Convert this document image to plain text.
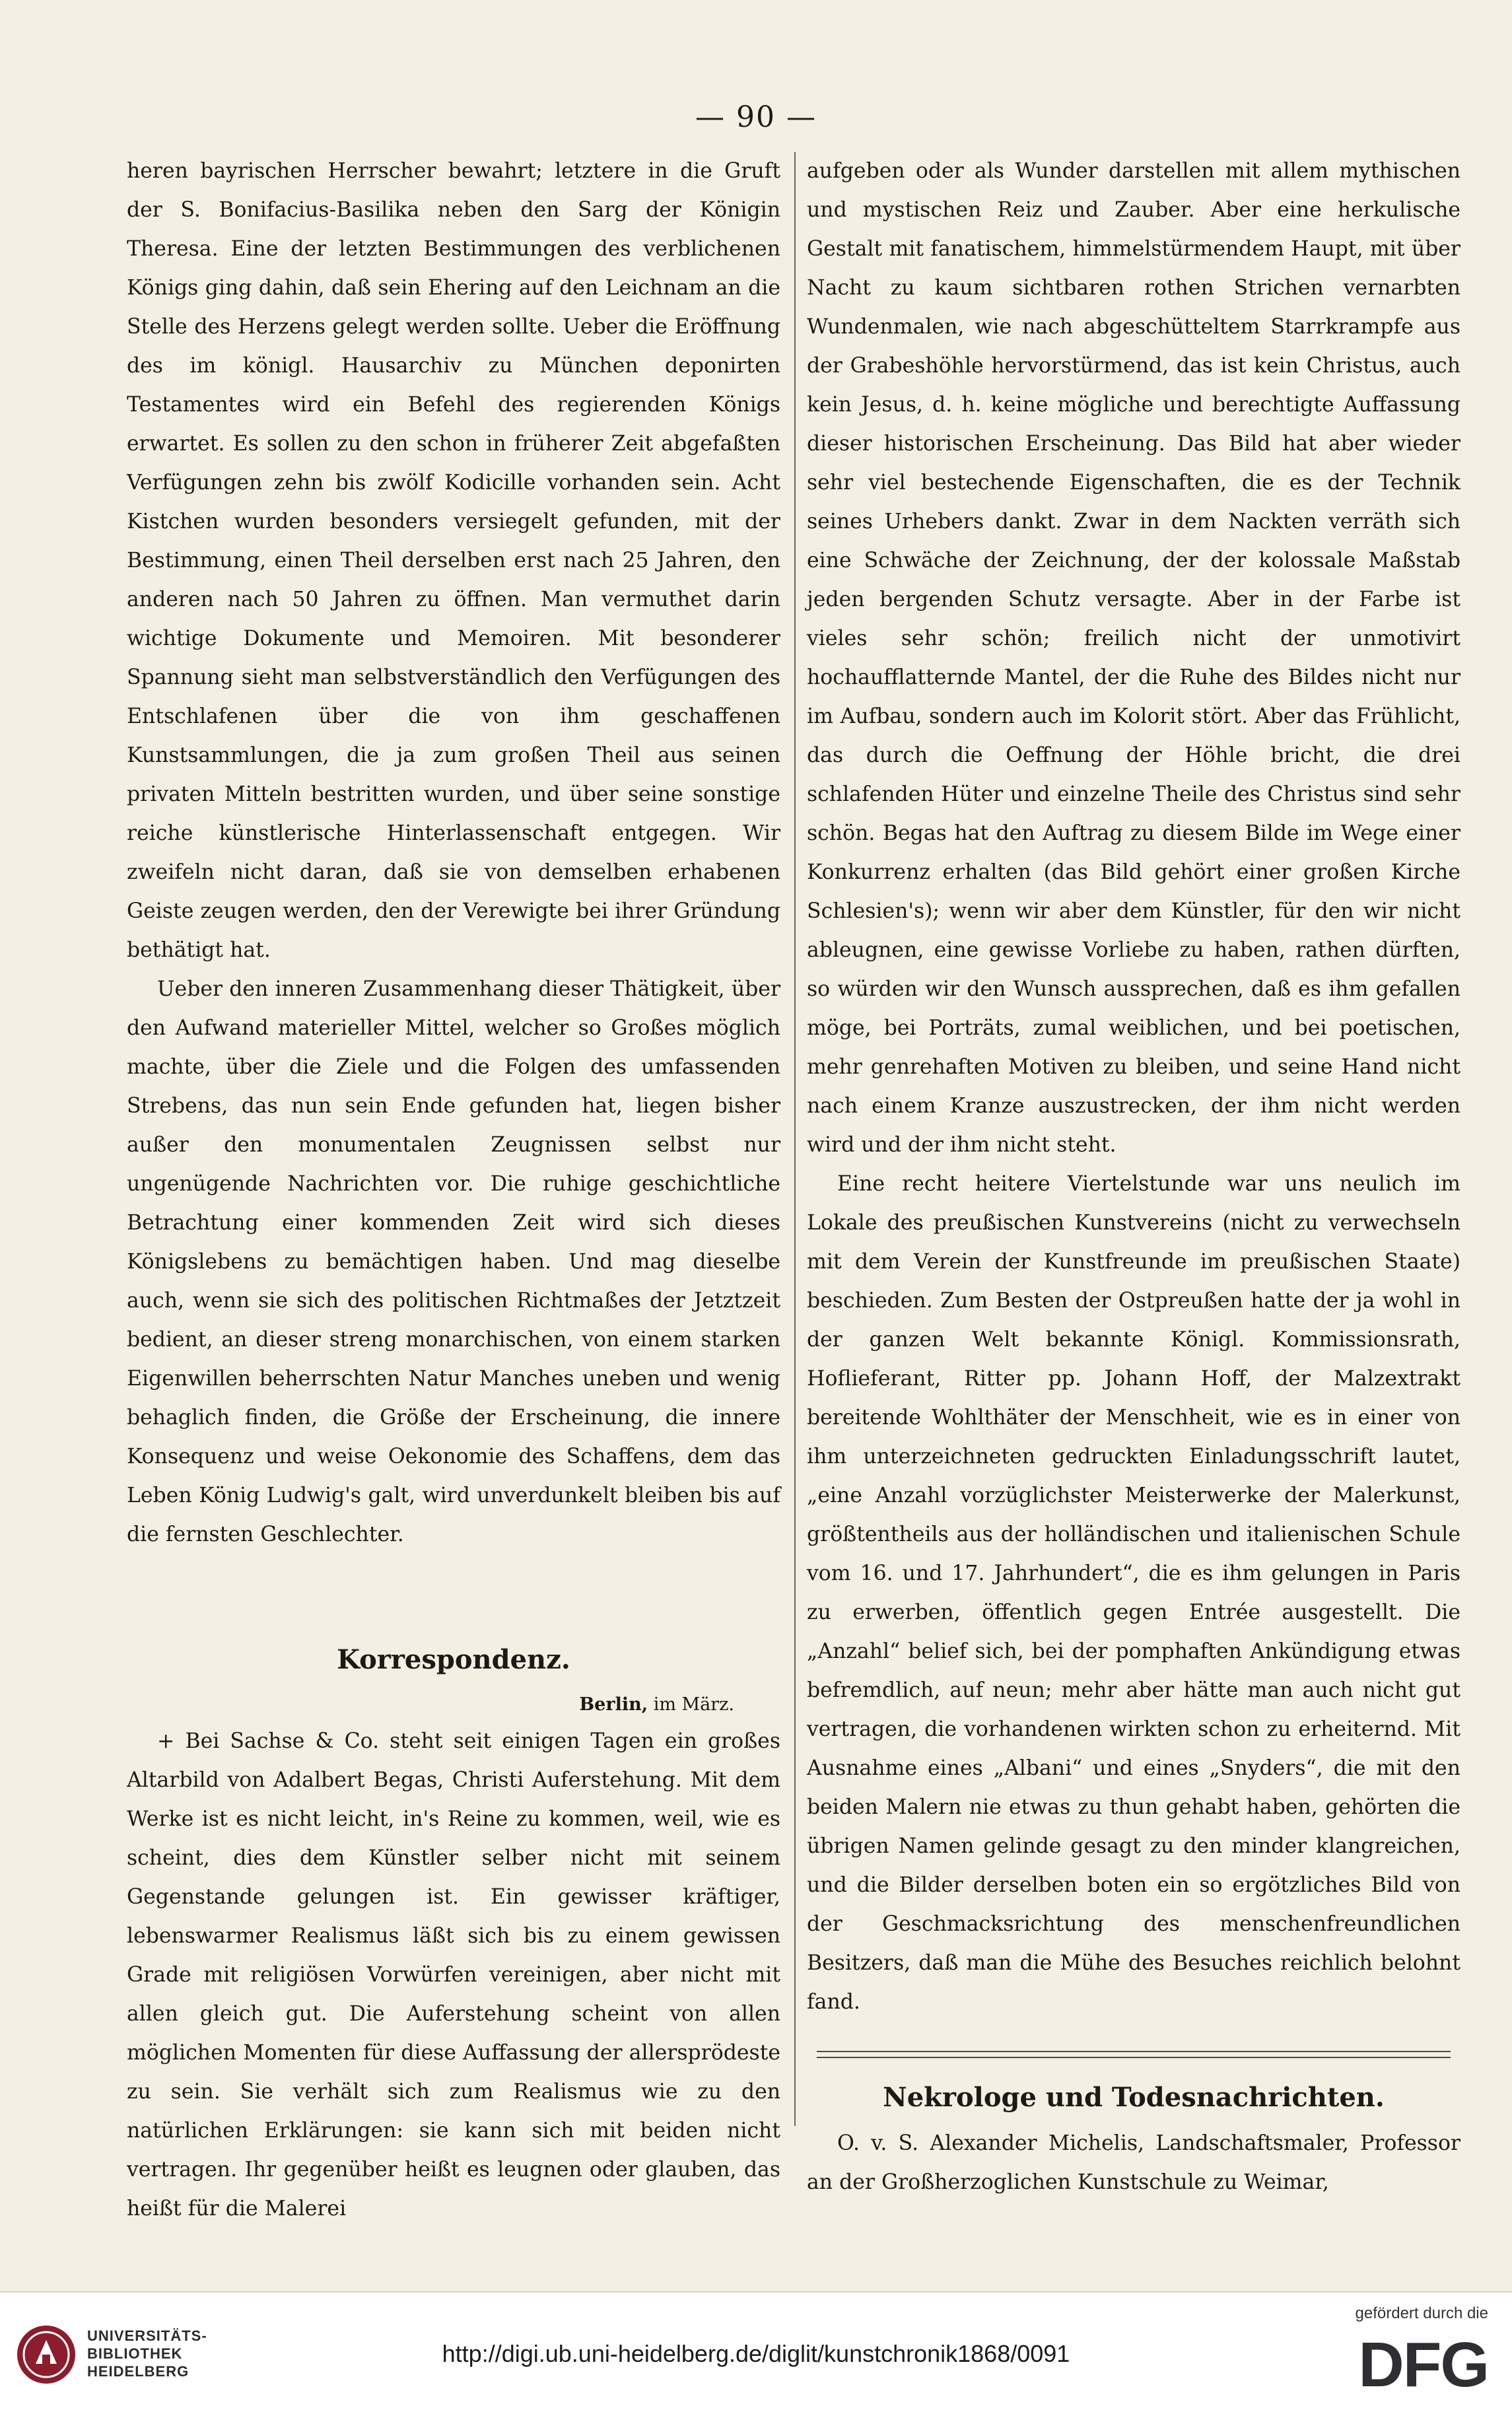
— 90 —

heren bayrischen Herrscher bewahrt; letztere in die Gruft der S. Bonifacius-Basilika neben den Sarg der Königin Theresa. Eine der letzten Bestimmungen des verblichenen Königs ging dahin, daß sein Ehering auf den Leichnam an die Stelle des Herzens gelegt werden sollte. Ueber die Eröffnung des im königl. Hausarchiv zu München deponirten Testamentes wird ein Befehl des regierenden Königs erwartet. Es sollen zu den schon in früherer Zeit abgefaßten Verfügungen zehn bis zwölf Kodicille vorhanden sein. Acht Kistchen wurden besonders versiegelt gefunden, mit der Bestimmung, einen Theil derselben erst nach 25 Jahren, den anderen nach 50 Jahren zu öffnen. Man vermuthet darin wichtige Dokumente und Memoiren. Mit besonderer Spannung sieht man selbstverständlich den Verfügungen des Entschlafenen über die von ihm geschaffenen Kunstsammlungen, die ja zum großen Theil aus seinen privaten Mitteln bestritten wurden, und über seine sonstige reiche künstlerische Hinterlassenschaft entgegen. Wir zweifeln nicht daran, daß sie von demselben erhabenen Geiste zeugen werden, den der Verewigte bei ihrer Gründung bethätigt hat.

Ueber den inneren Zusammenhang dieser Thätigkeit, über den Aufwand materieller Mittel, welcher so Großes möglich machte, über die Ziele und die Folgen des umfassenden Strebens, das nun sein Ende gefunden hat, liegen bisher außer den monumentalen Zeugnissen selbst nur ungenügende Nachrichten vor. Die ruhige geschichtliche Betrachtung einer kommenden Zeit wird sich dieses Königslebens zu bemächtigen haben. Und mag dieselbe auch, wenn sie sich des politischen Richtmaßes der Jetztzeit bedient, an dieser streng monarchischen, von einem starken Eigenwillen beherrschten Natur Manches uneben und wenig behaglich finden, die Größe der Erscheinung, die innere Konsequenz und weise Oekonomie des Schaffens, dem das Leben König Ludwig's galt, wird unverdunkelt bleiben bis auf die fernsten Geschlechter.

Korrespondenz.
Berlin, im März.

+ Bei Sachse & Co. steht seit einigen Tagen ein großes Altarbild von Adalbert Begas, Christi Auferstehung. Mit dem Werke ist es nicht leicht, in's Reine zu kommen, weil, wie es scheint, dies dem Künstler selber nicht mit seinem Gegenstande gelungen ist. Ein gewisser kräftiger, lebenswarmer Realismus läßt sich bis zu einem gewissen Grade mit religiösen Vorwürfen vereinigen, aber nicht mit allen gleich gut. Die Auferstehung scheint von allen möglichen Momenten für diese Auffassung der allersprödeste zu sein. Sie verhält sich zum Realismus wie zu den natürlichen Erklärungen: sie kann sich mit beiden nicht vertragen. Ihr gegenüber heißt es leugnen oder glauben, das heißt für die Malerei

aufgeben oder als Wunder darstellen mit allem mythischen und mystischen Reiz und Zauber. Aber eine herkulische Gestalt mit fanatischem, himmelstürmendem Haupt, mit über Nacht zu kaum sichtbaren rothen Strichen vernarbten Wundenmalen, wie nach abgeschütteltem Starrkrampfe aus der Grabeshöhle hervorstürmend, das ist kein Christus, auch kein Jesus, d. h. keine mögliche und berechtigte Auffassung dieser historischen Erscheinung. Das Bild hat aber wieder sehr viel bestechende Eigenschaften, die es der Technik seines Urhebers dankt. Zwar in dem Nackten verräth sich eine Schwäche der Zeichnung, der der kolossale Maßstab jeden bergenden Schutz versagte. Aber in der Farbe ist vieles sehr schön; freilich nicht der unmotivirt hochaufflatternde Mantel, der die Ruhe des Bildes nicht nur im Aufbau, sondern auch im Kolorit stört. Aber das Frühlicht, das durch die Oeffnung der Höhle bricht, die drei schlafenden Hüter und einzelne Theile des Christus sind sehr schön. Begas hat den Auftrag zu diesem Bilde im Wege einer Konkurrenz erhalten (das Bild gehört einer großen Kirche Schlesien's); wenn wir aber dem Künstler, für den wir nicht ableugnen, eine gewisse Vorliebe zu haben, rathen dürften, so würden wir den Wunsch aussprechen, daß es ihm gefallen möge, bei Porträts, zumal weiblichen, und bei poetischen, mehr genrehaften Motiven zu bleiben, und seine Hand nicht nach einem Kranze auszustrecken, der ihm nicht werden wird und der ihm nicht steht.

Eine recht heitere Viertelstunde war uns neulich im Lokale des preußischen Kunstvereins (nicht zu verwechseln mit dem Verein der Kunstfreunde im preußischen Staate) beschieden. Zum Besten der Ostpreußen hatte der ja wohl in der ganzen Welt bekannte Königl. Kommissionsrath, Hoflieferant, Ritter pp. Johann Hoff, der Malzextrakt bereitende Wohlthäter der Menschheit, wie es in einer von ihm unterzeichneten gedruckten Einladungsschrift lautet, „eine Anzahl vorzüglichster Meisterwerke der Malerkunst, größtentheils aus der holländischen und italienischen Schule vom 16. und 17. Jahrhundert“, die es ihm gelungen in Paris zu erwerben, öffentlich gegen Entrée ausgestellt. Die „Anzahl“ belief sich, bei der pomphaften Ankündigung etwas befremdlich, auf neun; mehr aber hätte man auch nicht gut vertragen, die vorhandenen wirkten schon zu erheiternd. Mit Ausnahme eines „Albani“ und eines „Snyders“, die mit den beiden Malern nie etwas zu thun gehabt haben, gehörten die übrigen Namen gelinde gesagt zu den minder klangreichen, und die Bilder derselben boten ein so ergötzliches Bild von der Geschmacksrichtung des menschenfreundlichen Besitzers, daß man die Mühe des Besuches reichlich belohnt fand.

Nekrologe und Todesnachrichten.

O. v. S. Alexander Michelis, Landschaftsmaler, Professor an der Großherzoglichen Kunstschule zu Weimar,

UNIVERSITÄTS-
BIBLIOTHEK
HEIDELBERG
http://digi.ub.uni-heidelberg.de/diglit/kunstchronik1868/0091
gefördert durch die
DFG
